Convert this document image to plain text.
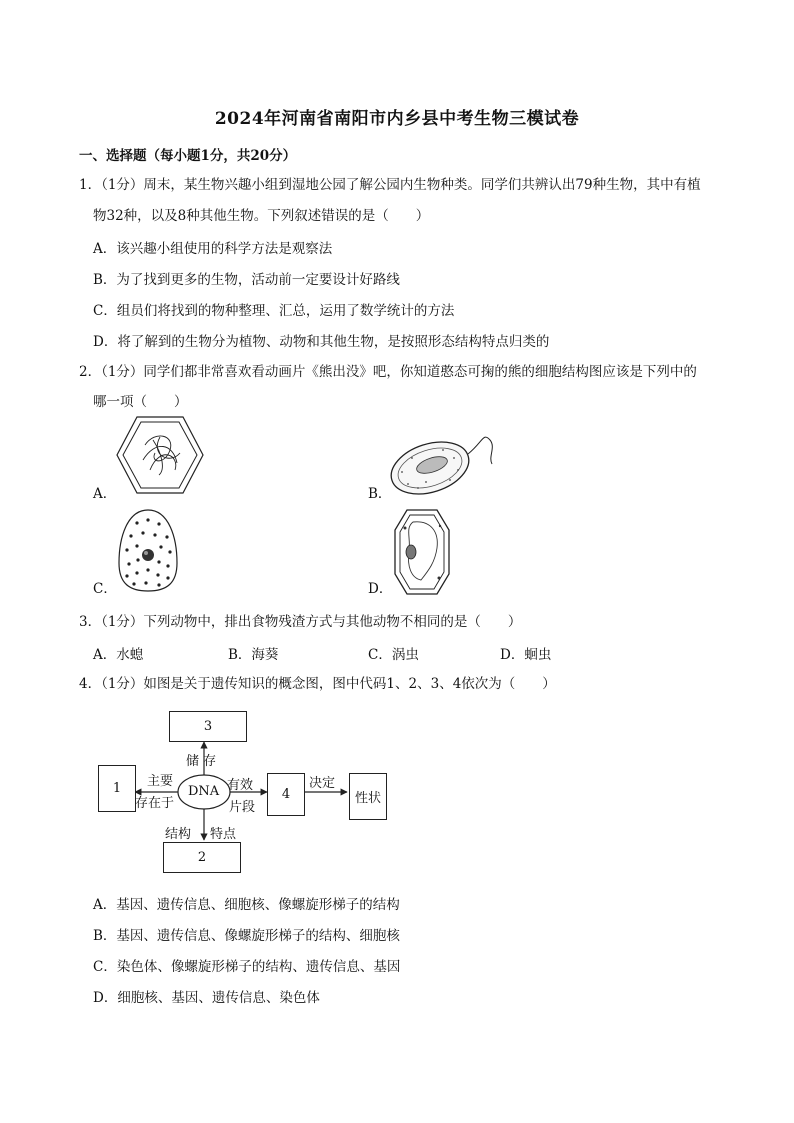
2024年河南省南阳市内乡县中考生物三模试卷
一、选择题（每小题1分，共20分）
1．（1分）周末，某生物兴趣小组到湿地公园了解公园内生物种类。同学们共辨认出79种生物，其中有植
物32种，以及8种其他生物。下列叙述错误的是（　　）
A．该兴趣小组使用的科学方法是观察法
B．为了找到更多的生物，活动前一定要设计好路线
C．组员们将找到的物种整理、汇总，运用了数学统计的方法
D．将了解到的生物分为植物、动物和其他生物，是按照形态结构特点归类的
2．（1分）同学们都非常喜欢看动画片《熊出没》吧，你知道憨态可掬的熊的细胞结构图应该是下列中的
哪一项（　　）
A．	B．
C．	D．
3．（1分）下列动物中，排出食物残渣方式与其他动物不相同的是（　　）
A．水螅	B．海葵	C．涡虫	D．蛔虫
4．（1分）如图是关于遗传知识的概念图，图中代码1、2、3、4依次为（　　）
3
1	4	性状
2
DNA
储 存
主要
存在于
有效
片段
决定
结构 特点
A．基因、遗传信息、细胞核、像螺旋形梯子的结构
B．基因、遗传信息、像螺旋形梯子的结构、细胞核
C．染色体、像螺旋形梯子的结构、遗传信息、基因
D．细胞核、基因、遗传信息、染色体
